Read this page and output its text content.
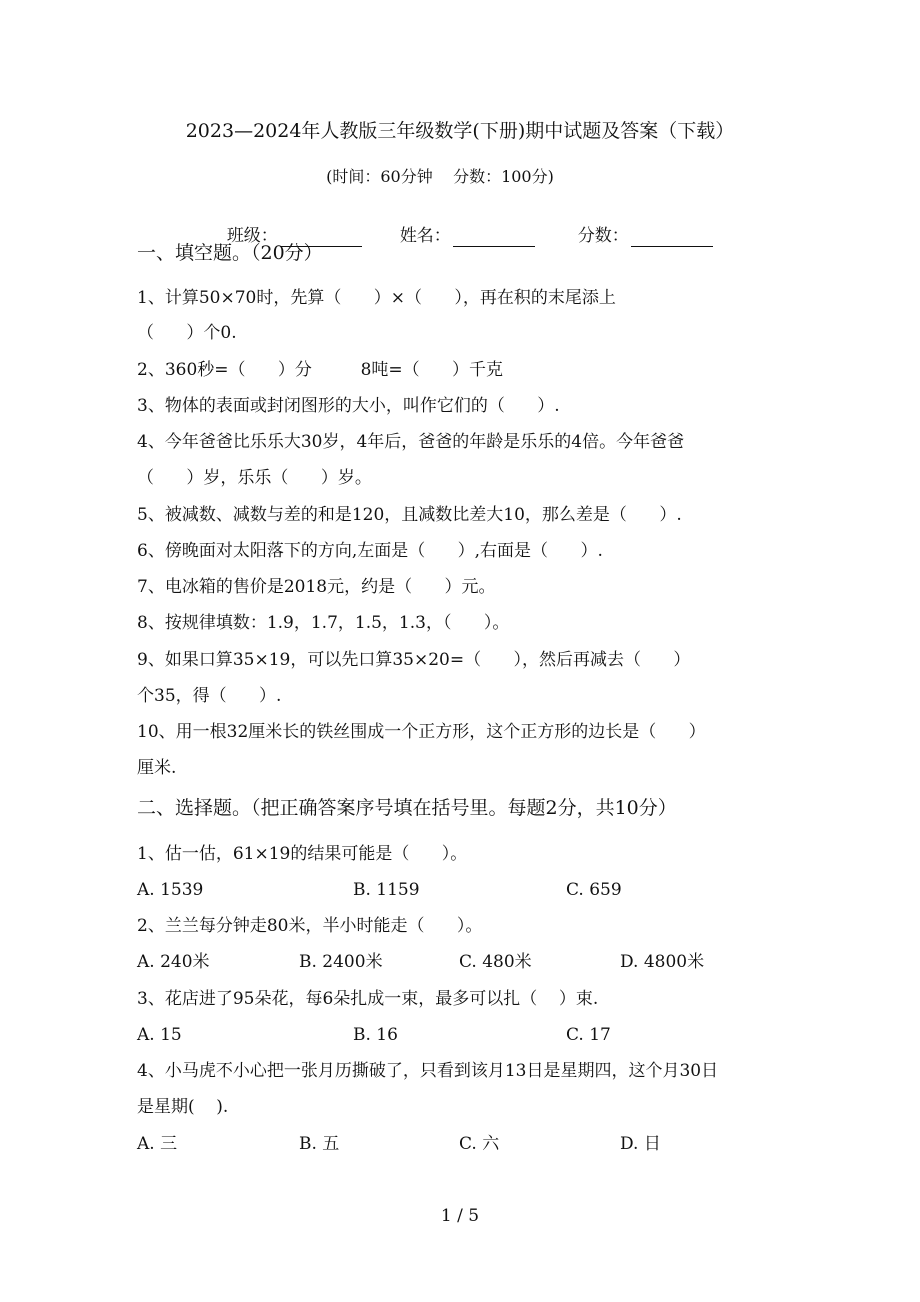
2023—2024年人教版三年级数学(下册)期中试题及答案（下载）
(时间：60分钟    分数：100分)

班级：	姓名：	分数：

一、填空题。（20分）
1、计算50×70时，先算（      ）×（      ），再在积的末尾添上
（      ）个0.
2、360秒=（      ）分         8吨=（      ）千克
3、物体的表面或封闭图形的大小，叫作它们的（      ）.
4、今年爸爸比乐乐大30岁，4年后，爸爸的年龄是乐乐的4倍。今年爸爸
（      ）岁，乐乐（      ）岁。
5、被减数、减数与差的和是120，且减数比差大10，那么差是（      ）.
6、傍晚面对太阳落下的方向,左面是（      ）,右面是（      ）.
7、电冰箱的售价是2018元，约是（      ）元。
8、按规律填数：1.9，1.7，1.5，1.3，（      ）。
9、如果口算35×19，可以先口算35×20=（      ），然后再减去（      ）
个35，得（      ）.
10、用一根32厘米长的铁丝围成一个正方形，这个正方形的边长是（      ）
厘米.
二、选择题。（把正确答案序号填在括号里。每题2分，共10分）
1、估一估，61×19的结果可能是（      ）。
A. 1539	B. 1159	C. 659
2、兰兰每分钟走80米，半小时能走（      ）。
A. 240米	B. 2400米	C. 480米	D. 4800米
3、花店进了95朵花，每6朵扎成一束，最多可以扎（    ）束.
A. 15	B. 16	C. 17
4、小马虎不小心把一张月历撕破了，只看到该月13日是星期四，这个月30日
是星期(    ).
A. 三	B. 五	C. 六	D. 日
1 / 5
